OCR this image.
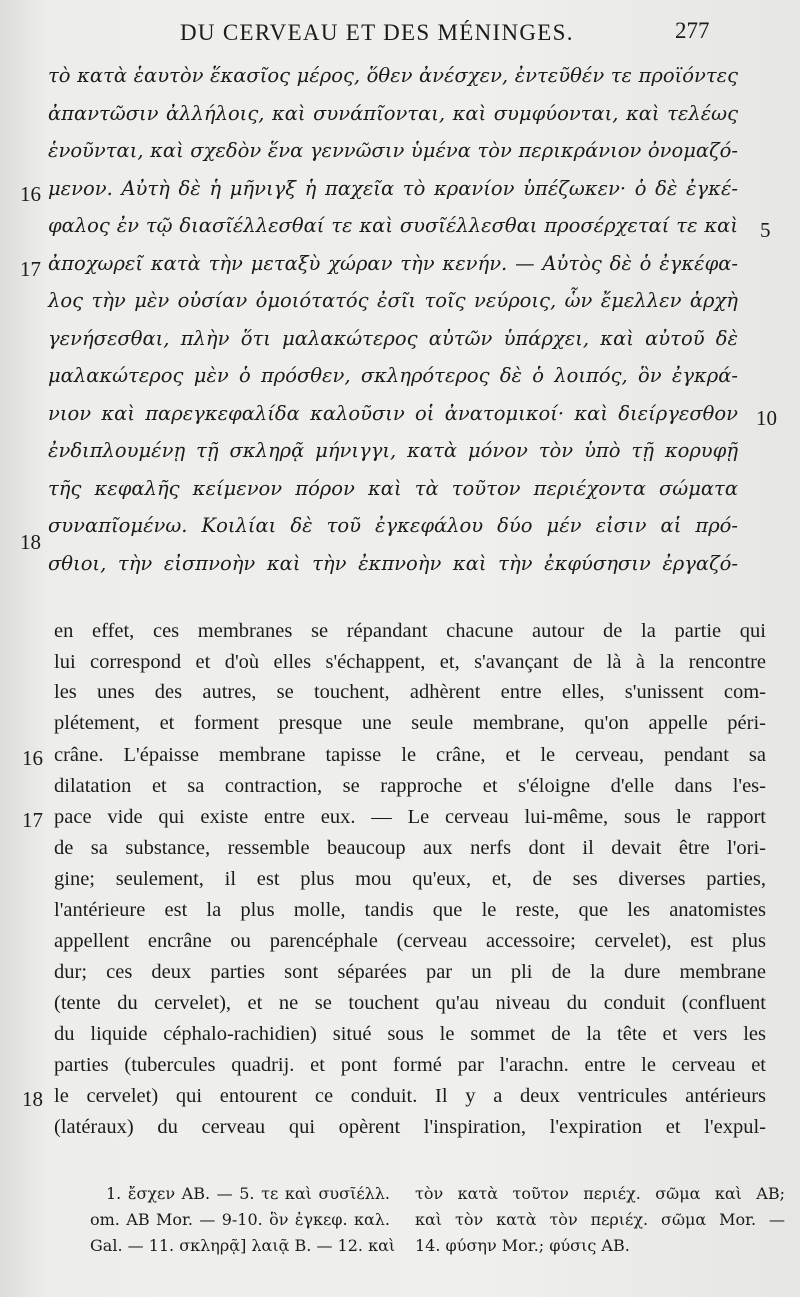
DU CERVEAU ET DES MÉNINGES.	277
τὸ κατὰ ἑαυτὸν ἕκασῖος μέρος, ὅθεν ἀνέσχεν, ἐντεῦθέν τε προϊόντες
ἀπαντῶσιν ἀλλήλοις, καὶ συνάπῖονται, καὶ συμφύονται, καὶ τελέως
ἑνοῦνται, καὶ σχεδὸν ἕνα γεννῶσιν ὑμένα τὸν περικράνιον ὀνομαζό-
μενον. Αὐτὴ δὲ ἡ μῆνιγξ ἡ παχεῖα τὸ κρανίον ὑπέζωκεν· ὁ δὲ ἐγκέ-
φαλος ἐν τῷ διασῖέλλεσθαί τε καὶ συσῖέλλεσθαι προσέρχεταί τε καὶ
ἀποχωρεῖ κατὰ τὴν μεταξὺ χώραν τὴν κενήν. — Αὐτὸς δὲ ὁ ἐγκέφα-
λος τὴν μὲν οὐσίαν ὁμοιότατός ἐσῖι τοῖς νεύροις, ὧν ἔμελλεν ἀρχὴ
γενήσεσθαι, πλὴν ὅτι μαλακώτερος αὐτῶν ὑπάρχει, καὶ αὐτοῦ δὲ
μαλακώτερος μὲν ὁ πρόσθεν, σκληρότερος δὲ ὁ λοιπός, ὃν ἐγκρά-
νιον καὶ παρεγκεφαλίδα καλοῦσιν οἱ ἀνατομικοί· καὶ διείργεσθον
ἐνδιπλουμένῃ τῇ σκληρᾷ μήνιγγι, κατὰ μόνον τὸν ὑπὸ τῇ κορυφῇ
τῆς κεφαλῆς κείμενον πόρον καὶ τὰ τοῦτον περιέχοντα σώματα
συναπῖομένω. Κοιλίαι δὲ τοῦ ἐγκεφάλου δύο μέν εἰσιν αἱ πρό-
σθιοι, τὴν εἰσπνοὴν καὶ τὴν ἐκπνοὴν καὶ τὴν ἐκφύσησιν ἐργαζό-
16
17
18
5
10
en effet, ces membranes se répandant chacune autour de la partie qui
lui correspond et d'où elles s'échappent, et, s'avançant de là à la rencontre
les unes des autres, se touchent, adhèrent entre elles, s'unissent com-
plétement, et forment presque une seule membrane, qu'on appelle péri-
crâne. L'épaisse membrane tapisse le crâne, et le cerveau, pendant sa
dilatation et sa contraction, se rapproche et s'éloigne d'elle dans l'es-
pace vide qui existe entre eux. — Le cerveau lui-même, sous le rapport
de sa substance, ressemble beaucoup aux nerfs dont il devait être l'ori-
gine; seulement, il est plus mou qu'eux, et, de ses diverses parties,
l'antérieure est la plus molle, tandis que le reste, que les anatomistes
appellent encrâne ou parencéphale (cerveau accessoire; cervelet), est plus
dur; ces deux parties sont séparées par un pli de la dure membrane
(tente du cervelet), et ne se touchent qu'au niveau du conduit (confluent
du liquide céphalo-rachidien) situé sous le sommet de la tête et vers les
parties (tubercules quadrij. et pont formé par l'arachn. entre le cerveau et
le cervelet) qui entourent ce conduit. Il y a deux ventricules antérieurs
(latéraux) du cerveau qui opèrent l'inspiration, l'expiration et l'expul-
16
17
18
1. ἔσχεν AB. — 5. τε καὶ συσῖέλλ.
om. AB Mor. — 9-10. ὃν ἐγκεφ. καλ.
Gal. — 11. σκληρᾷ] λαιᾷ B. — 12. καὶ
τὸν κατὰ τοῦτον περιέχ. σῶμα καὶ AB;
καὶ τὸν κατὰ τὸν περιέχ. σῶμα Mor. —
14. φύσην Mor.; φύσις AB.
